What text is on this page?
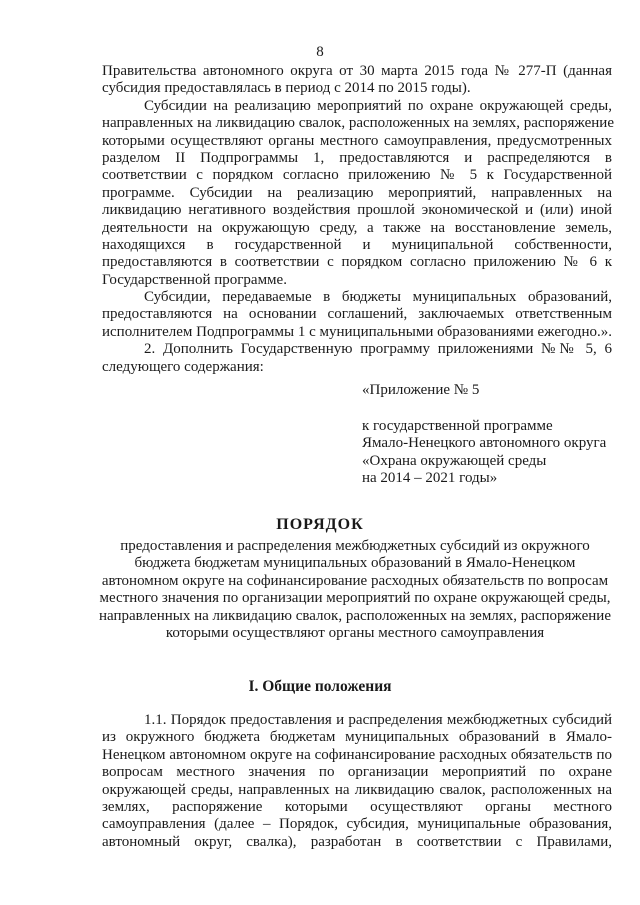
8
Правительства автономного округа от 30 марта 2015 года № 277-П (данная
субсидия предоставлялась в период с 2014 по 2015 годы).
Субсидии на реализацию мероприятий по охране окружающей среды,
направленных на ликвидацию свалок, расположенных на землях, распоряжение
которыми осуществляют органы местного самоуправления, предусмотренных
разделом II Подпрограммы 1, предоставляются и распределяются в
соответствии с порядком согласно приложению № 5 к Государственной
программе. Субсидии на реализацию мероприятий, направленных на
ликвидацию негативного воздействия прошлой экономической и (или) иной
деятельности на окружающую среду, а также на восстановление земель,
находящихся в государственной и муниципальной собственности,
предоставляются в соответствии с порядком согласно приложению № 6 к
Государственной программе.
Субсидии, передаваемые в бюджеты муниципальных образований,
предоставляются на основании соглашений, заключаемых ответственным
исполнителем Подпрограммы 1 с муниципальными образованиями ежегодно.».
2. Дополнить Государственную программу приложениями №№ 5, 6
следующего содержания:
«Приложение № 5
к государственной программе
Ямало-Ненецкого автономного округа
«Охрана окружающей среды
на 2014 – 2021 годы»
ПОРЯДОК
предоставления и распределения межбюджетных субсидий из окружного
бюджета бюджетам муниципальных образований в Ямало-Ненецком
автономном округе на софинансирование расходных обязательств по вопросам
местного значения по организации мероприятий по охране окружающей среды,
направленных на ликвидацию свалок, расположенных на землях, распоряжение
которыми осуществляют органы местного самоуправления
I. Общие положения
1.1. Порядок предоставления и распределения межбюджетных субсидий
из окружного бюджета бюджетам муниципальных образований в Ямало-
Ненецком автономном округе на софинансирование расходных обязательств по
вопросам местного значения по организации мероприятий по охране
окружающей среды, направленных на ликвидацию свалок, расположенных на
землях, распоряжение которыми осуществляют органы местного
самоуправления (далее – Порядок, субсидия, муниципальные образования,
автономный округ, свалка), разработан в соответствии с Правилами,
